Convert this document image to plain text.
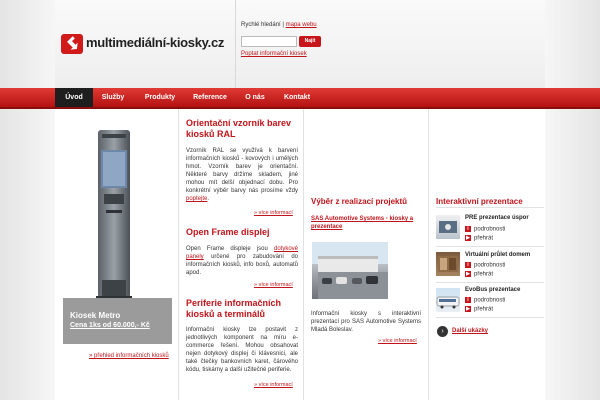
multimediální-kiosky.cz
Rychlé hledání | mapa webu
Najít
Poptat informační kiosek
Úvod	Služby	Produkty	Reference	O nás	Kontakt
Kiosek Metro
Cena 1ks od 60.000,- Kč
» přehled informačních kiosků
Orientační vzorník barev
kiosků RAL
Vzorník RAL se využívá k barvení informačních kiosků - kovových i umělých hmot. Vzorník barev je orientační. Některé barvy držíme skladem, jiné mohou mít delší objednací dobu. Pro konkrétní výběr barvy nás prosíme vždy poptejte.
» více informací
Open Frame displej
Open Frame displeje jsou dotykové panely určené pro zabudování do informačních kiosků, info boxů, automatů apod.
» více informací
Periferie informačních
kiosků a terminálů
Informační kiosky lze postavit z jednotlivých komponent na míru e-commerce řešení. Mohou obsahovat nejen dotykový displej či klávesnici, ale také čtečky bankovních karet, čárového kódu, tiskárny a další užitečné periferie.
» více informací
Výběr z realizací projektů
SAS Automotive Systems - kiosky a prezentace
Informační kiosky s interaktivní prezentací pro SAS Automotive Systems Mladá Boleslav.
» více informací
Interaktivní prezentace
PRE prezentace úspor
i podrobnosti
▶ přehrát
Virtuální průlet domem
i podrobnosti
▶ přehrát
EvoBus prezentace
i podrobnosti
▶ přehrát
›	Další ukázky
